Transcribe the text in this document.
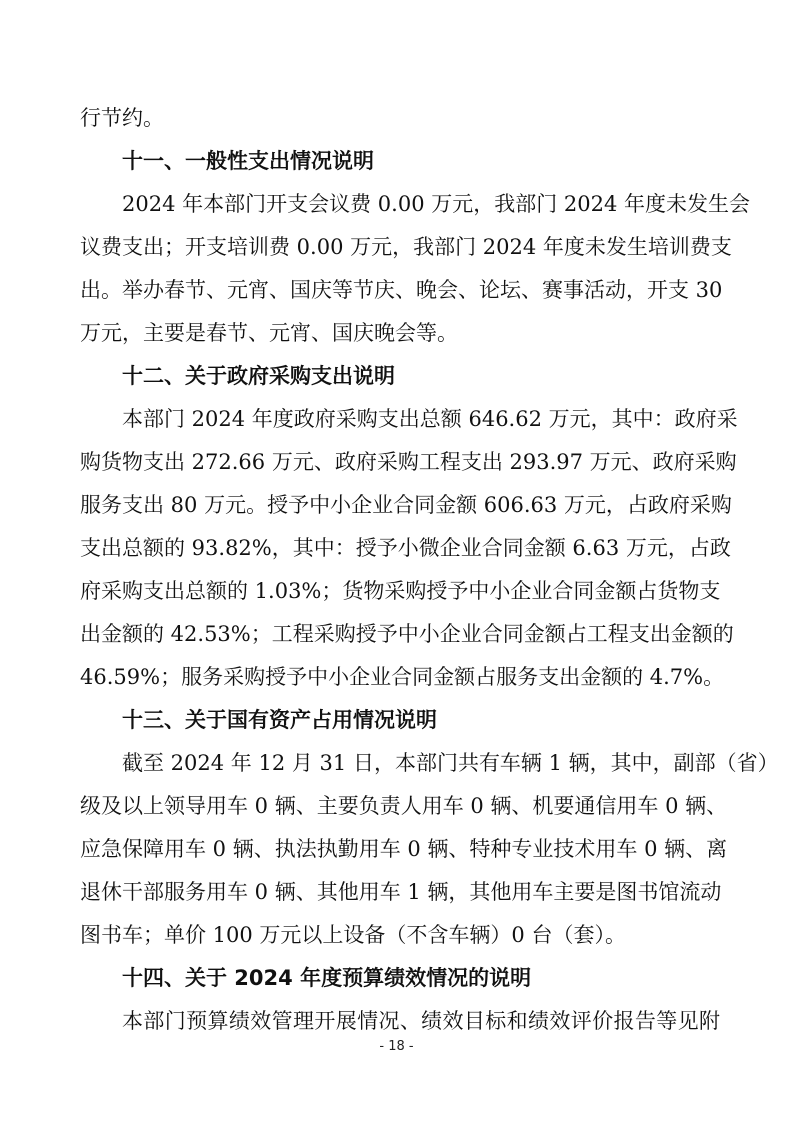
行节约。
十一、一般性支出情况说明
2024 年本部门开支会议费 0.00 万元，我部门 2024 年度未发生会
议费支出；开支培训费 0.00 万元，我部门 2024 年度未发生培训费支
出。举办春节、元宵、国庆等节庆、晚会、论坛、赛事活动，开支 30
万元，主要是春节、元宵、国庆晚会等。
十二、关于政府采购支出说明
本部门 2024 年度政府采购支出总额 646.62 万元，其中：政府采
购货物支出 272.66 万元、政府采购工程支出 293.97 万元、政府采购
服务支出 80 万元。授予中小企业合同金额 606.63 万元，占政府采购
支出总额的 93.82%，其中：授予小微企业合同金额 6.63 万元，占政
府采购支出总额的 1.03%；货物采购授予中小企业合同金额占货物支
出金额的 42.53%；工程采购授予中小企业合同金额占工程支出金额的
46.59%；服务采购授予中小企业合同金额占服务支出金额的 4.7%。
十三、关于国有资产占用情况说明
截至 2024 年 12 月 31 日，本部门共有车辆 1 辆，其中，副部（省）
级及以上领导用车 0 辆、主要负责人用车 0 辆、机要通信用车 0 辆、
应急保障用车 0 辆、执法执勤用车 0 辆、特种专业技术用车 0 辆、离
退休干部服务用车 0 辆、其他用车 1 辆，其他用车主要是图书馆流动
图书车；单价 100 万元以上设备（不含车辆）0 台（套）。
十四、关于 2024 年度预算绩效情况的说明
本部门预算绩效管理开展情况、绩效目标和绩效评价报告等见附
- 18 -
